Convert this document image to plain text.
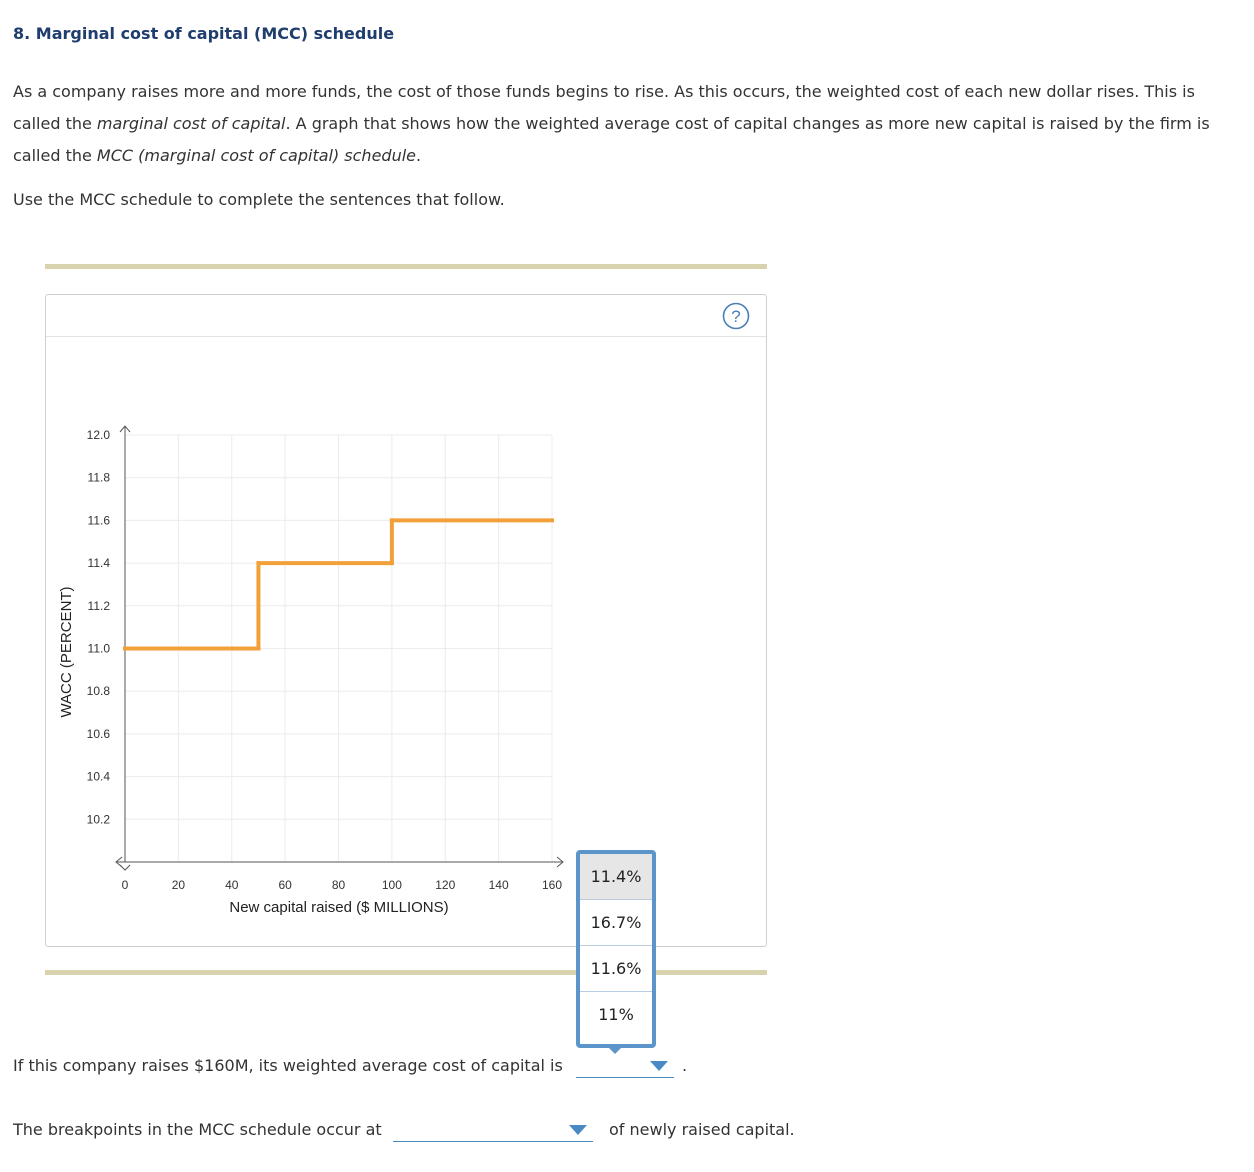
8. Marginal cost of capital (MCC) schedule

As a company raises more and more funds, the cost of those funds begins to rise. As this occurs, the weighted cost of each new dollar rises. This is called the marginal cost of capital. A graph that shows how the weighted average cost of capital changes as more new capital is raised by the firm is called the MCC (marginal cost of capital) schedule.

Use the MCC schedule to complete the sentences that follow.

?
10.2
10.4
10.6
10.8
11.0
11.2
11.4
11.6
11.8
12.0
0	20	40	60	80	100	120	140	160
New capital raised ($ MILLIONS)
WACC (PERCENT)
11.4%
16.7%
11.6%
11%

If this company raises $160M, its weighted average cost of capital is	.

The breakpoints in the MCC schedule occur at	of newly raised capital.
